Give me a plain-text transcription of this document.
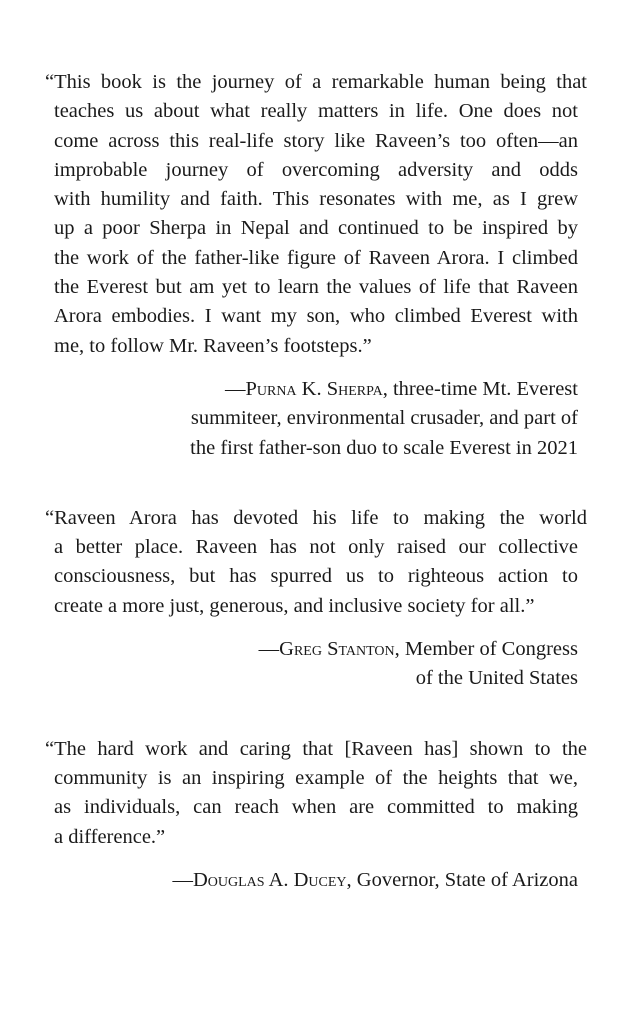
“This book is the journey of a remarkable human being that
teaches us about what really matters in life. One does not
come across this real-life story like Raveen’s too often—an
improbable journey of overcoming adversity and odds
with humility and faith. This resonates with me, as I grew
up a poor Sherpa in Nepal and continued to be inspired by
the work of the father-like figure of Raveen Arora. I climbed
the Everest but am yet to learn the values of life that Raveen
Arora embodies. I want my son, who climbed Everest with
me, to follow Mr. Raveen’s footsteps.”

—Purna K. Sherpa, three-time Mt. Everest
summiteer, environmental crusader, and part of
the first father-son duo to scale Everest in 2021

“Raveen Arora has devoted his life to making the world
a better place. Raveen has not only raised our collective
consciousness, but has spurred us to righteous action to
create a more just, generous, and inclusive society for all.”

—Greg Stanton, Member of Congress
of the United States

“The hard work and caring that [Raveen has] shown to the
community is an inspiring example of the heights that we,
as individuals, can reach when are committed to making
a difference.”

—Douglas A. Ducey, Governor, State of Arizona
